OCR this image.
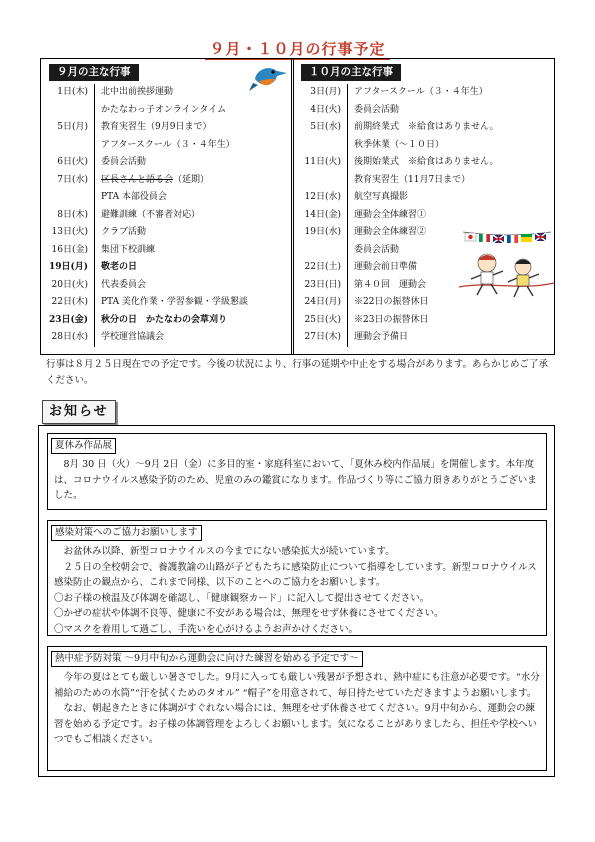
９月・１０月の行事予定
９月の主な行事	１０月の主な行事
1日(木)	北中出前挨拶運動
かたなわっ子オンラインタイム
5日(月)	教育実習生（9月9日まで）
アフタースクール（３・４年生）
6日(火)	委員会活動
7日(水)	区長さんと語る会（延期）
PTA 本部役員会
8日(木)	避難訓練（不審者対応）
13日(火)	クラブ活動
16日(金)	集団下校訓練
19日(月)	敬老の日
20日(火)	代表委員会
22日(木)	PTA 美化作業・学習参観・学級懇談
23日(金)	秋分の日　かたなわの会草刈り
28日(水)	学校運営協議会
3日(月)	アフタースクール（３・４年生）
4日(火)	委員会活動
5日(水)	前期終業式　※給食はありません。
秋季休業（～１０日）
11日(火)	後期始業式　※給食はありません。
教育実習生（11月7日まで）
12日(水)	航空写真撮影
14日(金)	運動会全体練習①
19日(水)	運動会全体練習②
委員会活動
22日(土)	運動会前日準備
23日(日)	第４０回　運動会
24日(月)	※22日の振替休日
25日(火)	※23日の振替休日
27日(木)	運動会予備日
行事は８月２５日現在での予定です。今後の状況により、行事の延期や中止をする場合があります。あらかじめご了承ください。
お知らせ
夏休み作品展

　8月 30 日（火）～9月 2日（金）に多目的室・家庭科室において、「夏休み校内作品展」を開催します。本年度は、コロナウイルス感染予防のため、児童のみの鑑賞になります。作品づくり等にご協力頂きありがとうございました。

感染対策へのご協力お願いします

　お盆休み以降、新型コロナウイルスの今までにない感染拡大が続いています。

　２５日の全校朝会で、養護教諭の山路が子どもたちに感染防止について指導をしています。新型コロナウイルス感染防止の観点から、これまで同様、以下のことへのご協力をお願いします。

〇お子様の検温及び体調を確認し、「健康観察カード」に記入して提出させてください。

〇かぜの症状や体調不良等、健康に不安がある場合は、無理をせず休養にさせてください。

〇マスクを着用して過ごし、手洗いを心がけるようお声かけください。

熱中症予防対策 ～9月中旬から運動会に向けた練習を始める予定です～

　今年の夏はとても厳しい暑さでした。9月に入っても厳しい残暑が予想され、熱中症にも注意が必要です。“水分補給のための水筒”“汗を拭くためのタオル” “帽子”を用意されて、毎日持たせていただきますようお願いします。

　なお、朝起きたときに体調がすぐれない場合には、無理をせず休養させてください。9月中旬から、運動会の練習を始める予定です。お子様の体調管理をよろしくお願いします。気になることがありましたら、担任や学校へいつでもご相談ください。
